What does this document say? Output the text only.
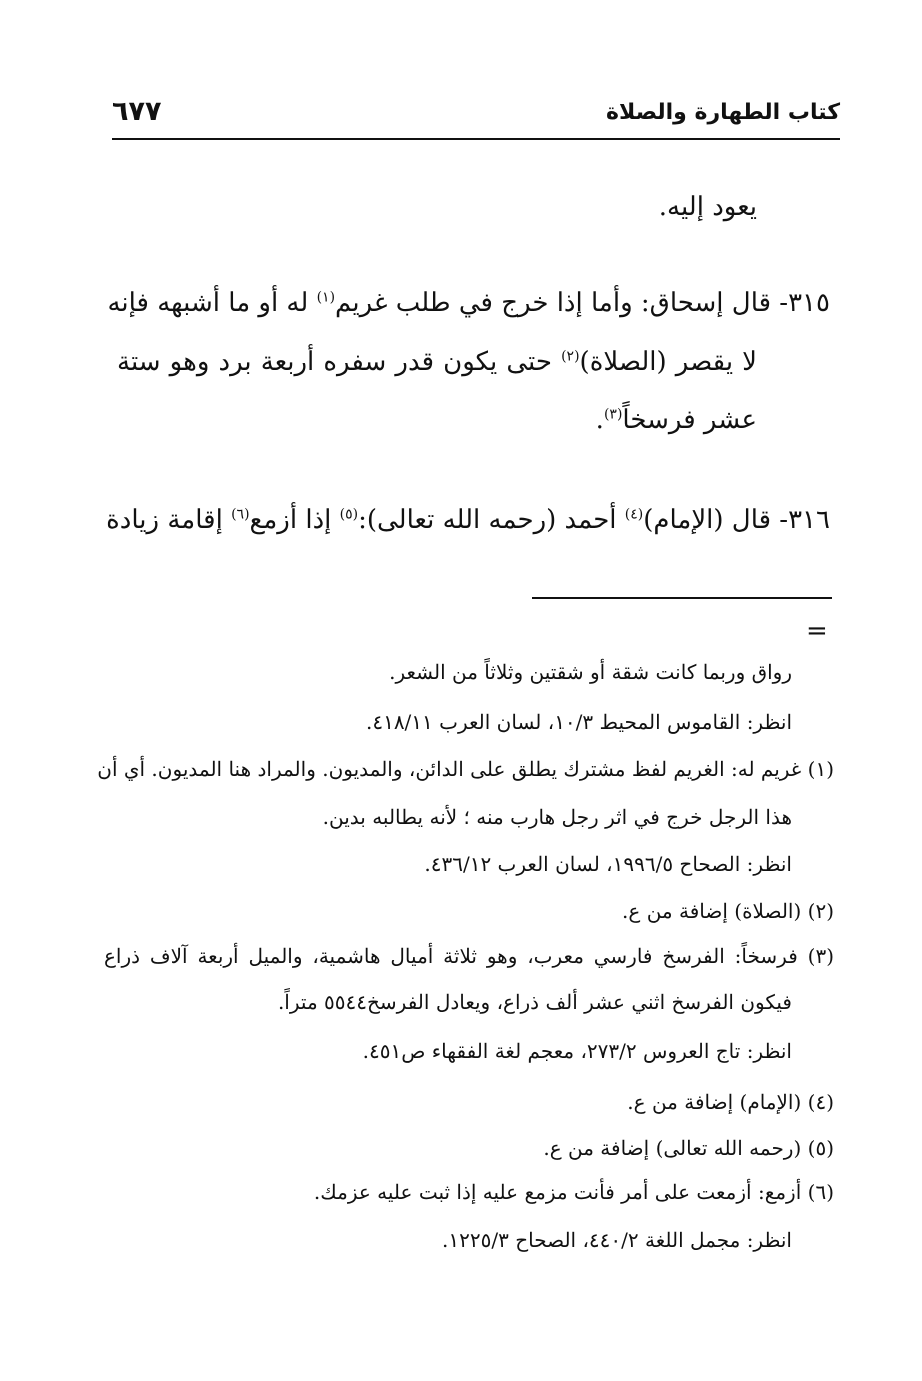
كتاب الطهارة والصلاة
٦٧٧
يعود إليه.
٣١٥- قال إسحاق: وأما إذا خرج في طلب غريم$^{(١)}$ له أو ما أشبهه فإنه
لا يقصر (الصلاة)$^{(٢)}$ حتى يكون قدر سفره أربعة برد وهو ستة
عشر فرسخاً$^{(٣)}$.
٣١٦- قال (الإمام)$^{(٤)}$ أحمد (رحمه الله تعالى):$^{(٥)}$ إذا أزمع$^{(٦)}$ إقامة زيادة
=
رواق وربما كانت شقة أو شقتين وثلاثاً من الشعر.
انظر: القاموس المحيط ١٠/٣، لسان العرب ٤١٨/١١.
(١) غريم له: الغريم لفظ مشترك يطلق على الدائن، والمديون. والمراد هنا المديون. أي أن
هذا الرجل خرج في اثر رجل هارب منه ؛ لأنه يطالبه بدين.
انظر: الصحاح ١٩٩٦/٥، لسان العرب ٤٣٦/١٢.
(٢) (الصلاة) إضافة من ع.
(٣) فرسخاً: الفرسخ فارسي معرب، وهو ثلاثة أميال هاشمية، والميل أربعة آلاف ذراع
فيكون الفرسخ اثني عشر ألف ذراع، ويعادل الفرسخ٥٥٤٤ متراً.
انظر: تاج العروس ٢٧٣/٢، معجم لغة الفقهاء ص٤٥١.
(٤) (الإمام) إضافة من ع.
(٥) (رحمه الله تعالى) إضافة من ع.
(٦) أزمع: أزمعت على أمر فأنت مزمع عليه إذا ثبت عليه عزمك.
انظر: مجمل اللغة ٤٤٠/٢، الصحاح ١٢٢٥/٣.
